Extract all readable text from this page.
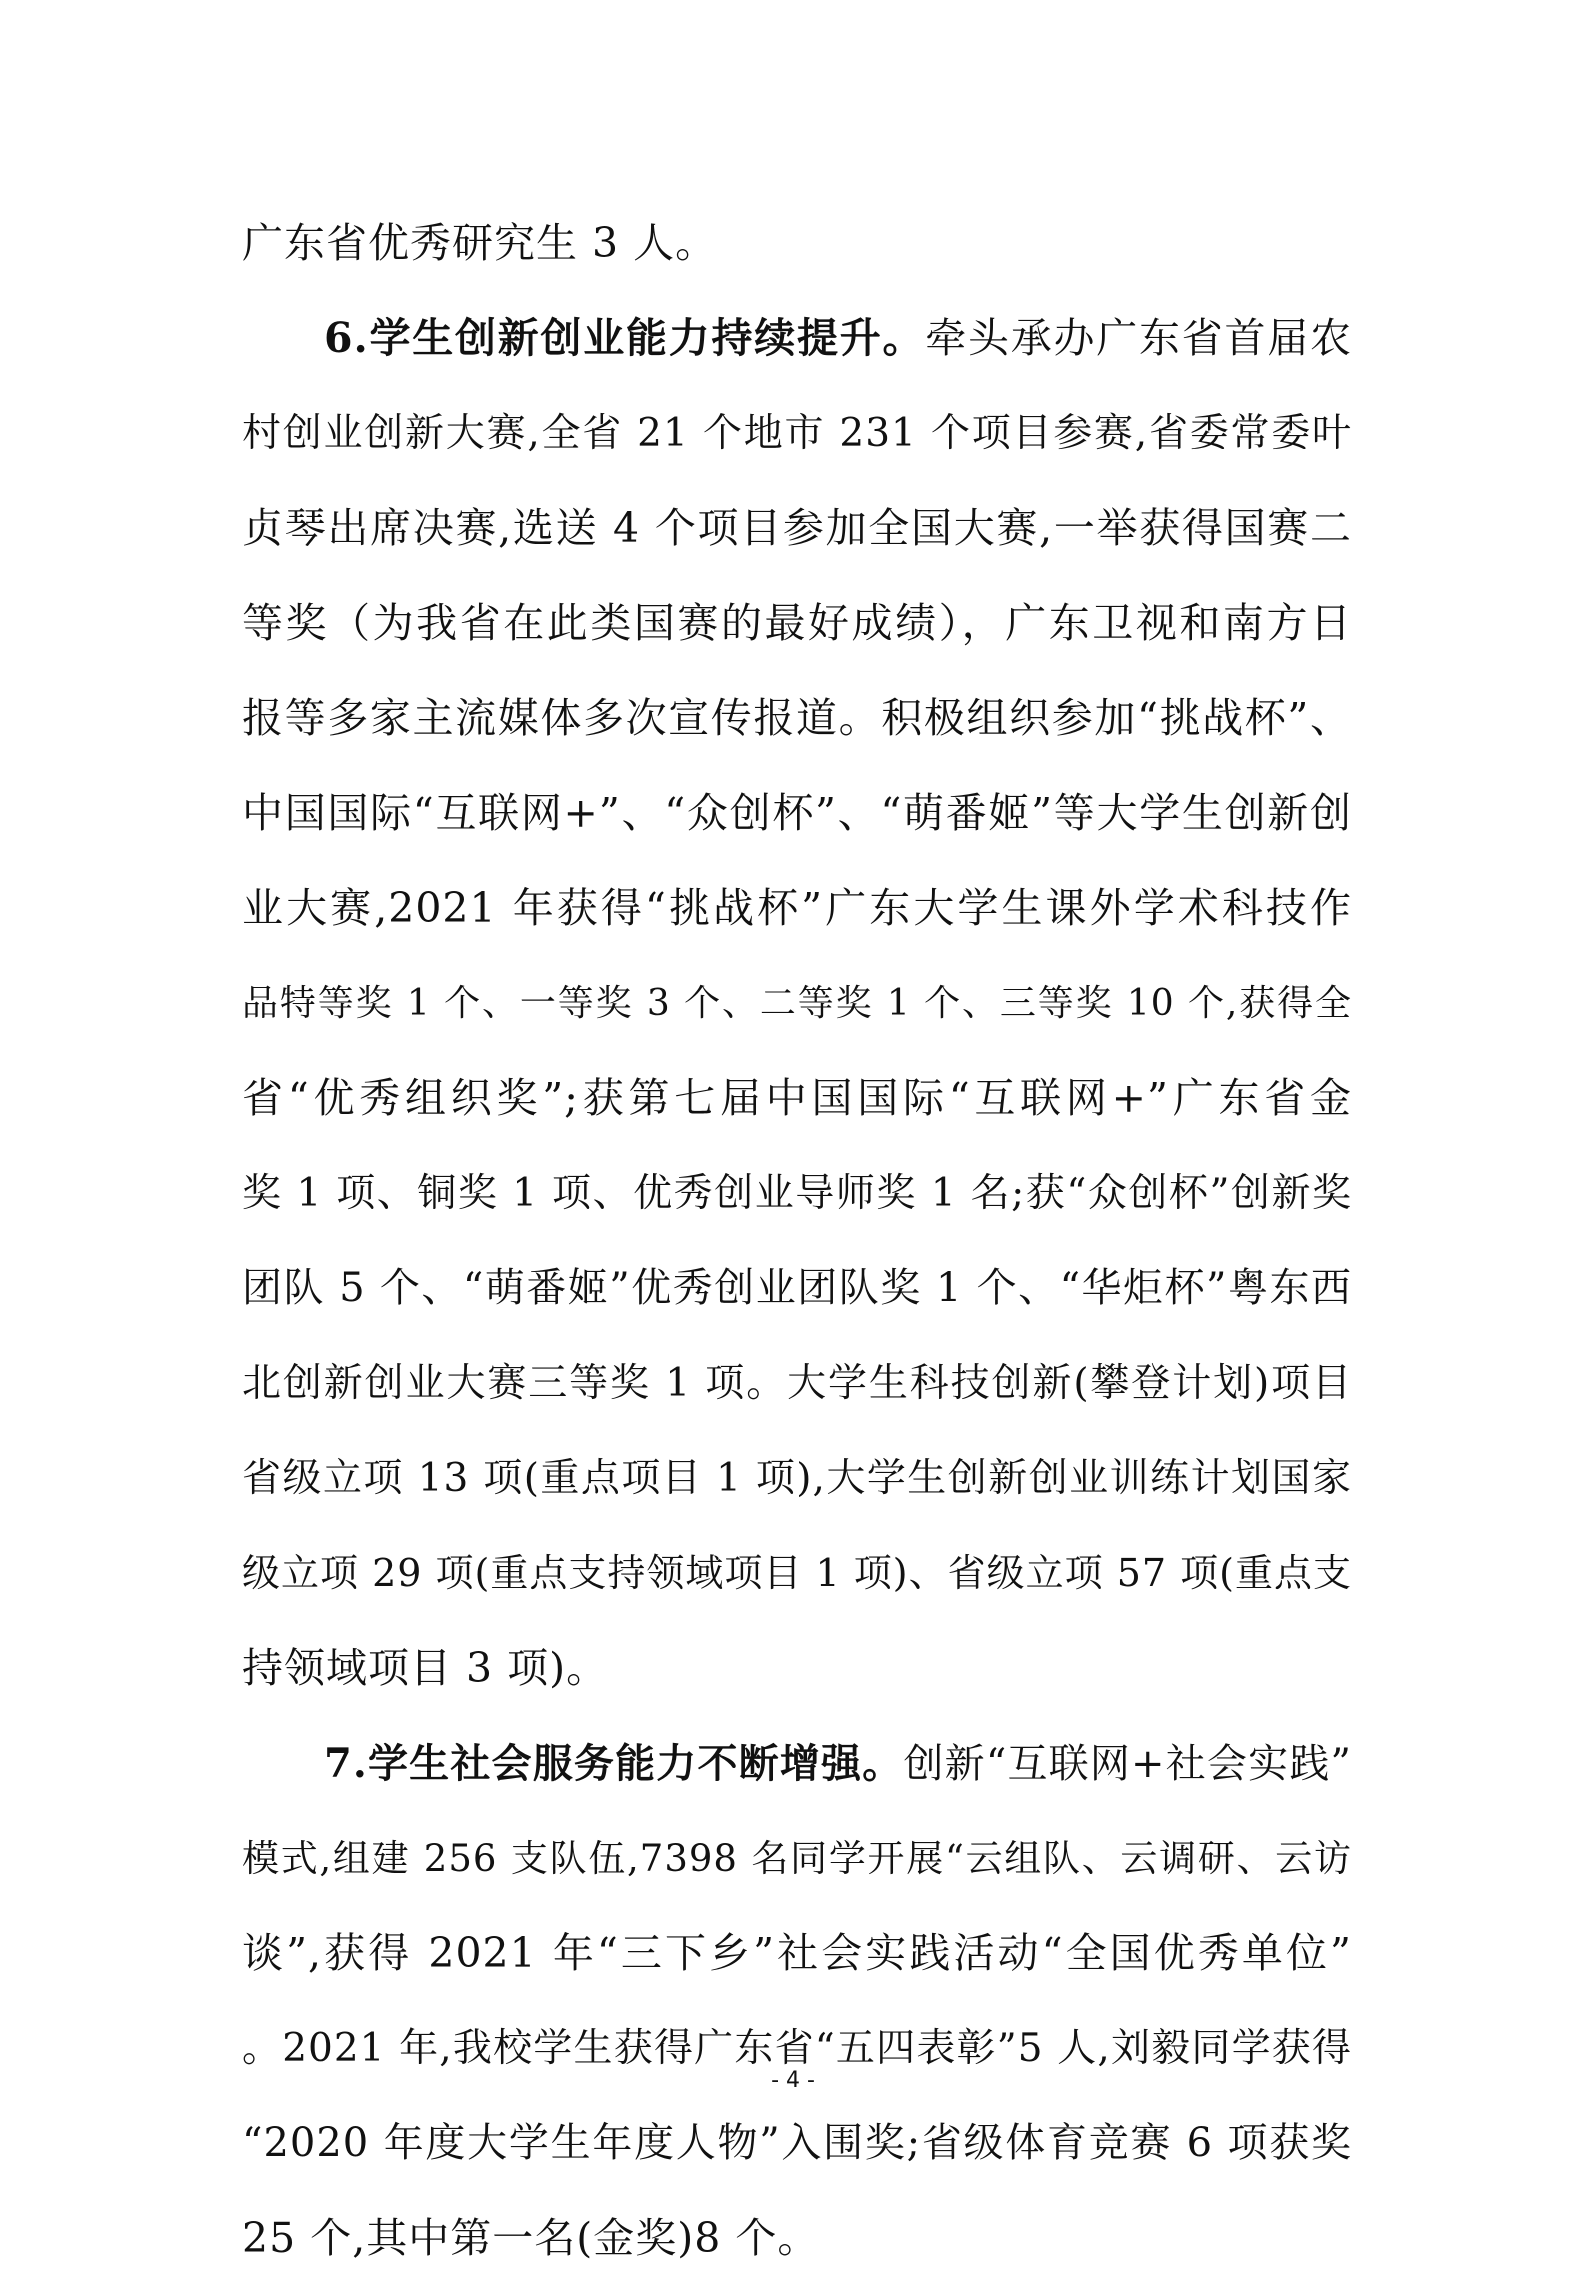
广东省优秀研究生 3 人。
6.学生创新创业能力持续提升。牵头承办广东省首届农
村创业创新大赛,全省 21 个地市 231 个项目参赛,省委常委叶
贞琴出席决赛,选送 4 个项目参加全国大赛,一举获得国赛二
等奖（为我省在此类国赛的最好成绩），广东卫视和南方日
报等多家主流媒体多次宣传报道。积极组织参加“挑战杯”、
中国国际“互联网+”、“众创杯”、“萌番姬”等大学生创新创
业大赛,2021 年获得“挑战杯”广东大学生课外学术科技作
品特等奖 1 个、一等奖 3 个、二等奖 1 个、三等奖 10 个,获得全
省“优秀组织奖”;获第七届中国国际“互联网+”广东省金
奖 1 项、铜奖 1 项、优秀创业导师奖 1 名;获“众创杯”创新奖
团队 5 个、“萌番姬”优秀创业团队奖 1 个、“华炬杯”粤东西
北创新创业大赛三等奖 1 项。大学生科技创新(攀登计划)项目
省级立项 13 项(重点项目 1 项),大学生创新创业训练计划国家
级立项 29 项(重点支持领域项目 1 项)、省级立项 57 项(重点支
持领域项目 3 项)。
7.学生社会服务能力不断增强。创新“互联网+社会实践”
模式,组建 256 支队伍,7398 名同学开展“云组队、云调研、云访
谈”,获得 2021 年“三下乡”社会实践活动“全国优秀单位”
。2021 年,我校学生获得广东省“五四表彰”5 人,刘毅同学获得
“2020 年度大学生年度人物”入围奖;省级体育竞赛 6 项获奖
25 个,其中第一名(金奖)8 个。
- 4 -
